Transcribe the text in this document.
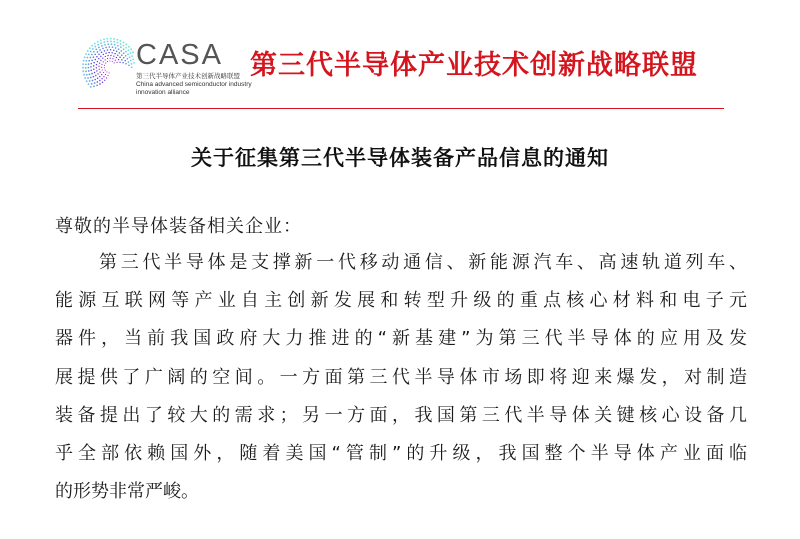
CASA
第三代半导体产业技术创新战略联盟
China advanced semiconductor industry
innovation alliance
第三代半导体产业技术创新战略联盟
关于征集第三代半导体装备产品信息的通知
尊敬的半导体装备相关企业：
第三代半导体是支撑新一代移动通信、新能源汽车、高速轨道列车、
能源互联网等产业自主创新发展和转型升级的重点核心材料和电子元
器件，当前我国政府大力推进的“新基建”为第三代半导体的应用及发
展提供了广阔的空间。一方面第三代半导体市场即将迎来爆发，对制造
装备提出了较大的需求；另一方面，我国第三代半导体关键核心设备几
乎全部依赖国外，随着美国“管制”的升级，我国整个半导体产业面临
的形势非常严峻。
